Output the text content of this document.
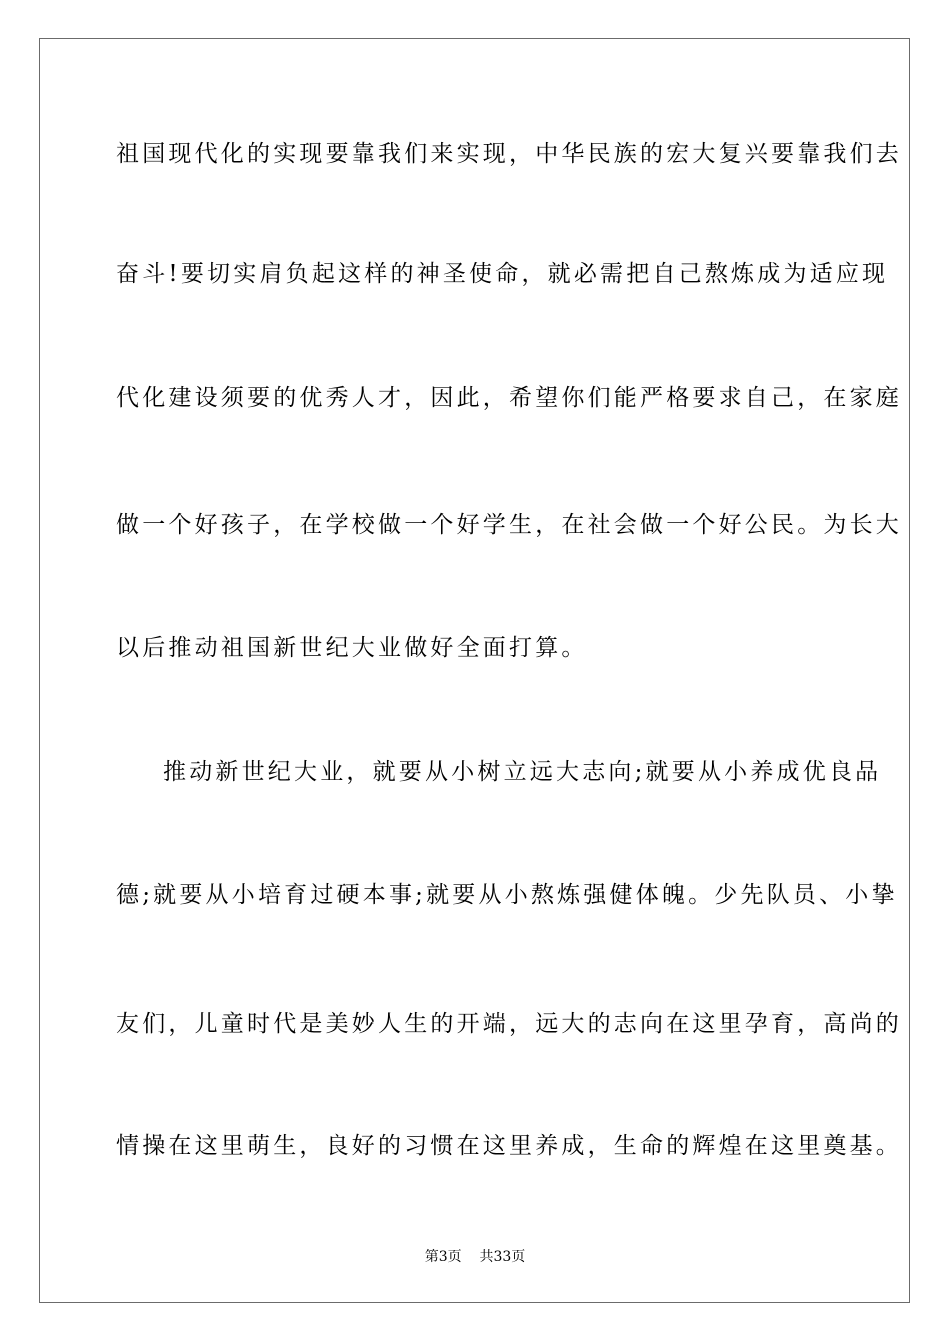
祖国现代化的实现要靠我们来实现，中华民族的宏大复兴要靠我们去
奋斗!要切实肩负起这样的神圣使命，就必需把自己熬炼成为适应现
代化建设须要的优秀人才，因此，希望你们能严格要求自己，在家庭
做一个好孩子，在学校做一个好学生，在社会做一个好公民。为长大
以后推动祖国新世纪大业做好全面打算。
推动新世纪大业，就要从小树立远大志向;就要从小养成优良品
德;就要从小培育过硬本事;就要从小熬炼强健体魄。少先队员、小挚
友们，儿童时代是美妙人生的开端，远大的志向在这里孕育，高尚的
情操在这里萌生，良好的习惯在这里养成，生命的辉煌在这里奠基。
第3页    共33页
